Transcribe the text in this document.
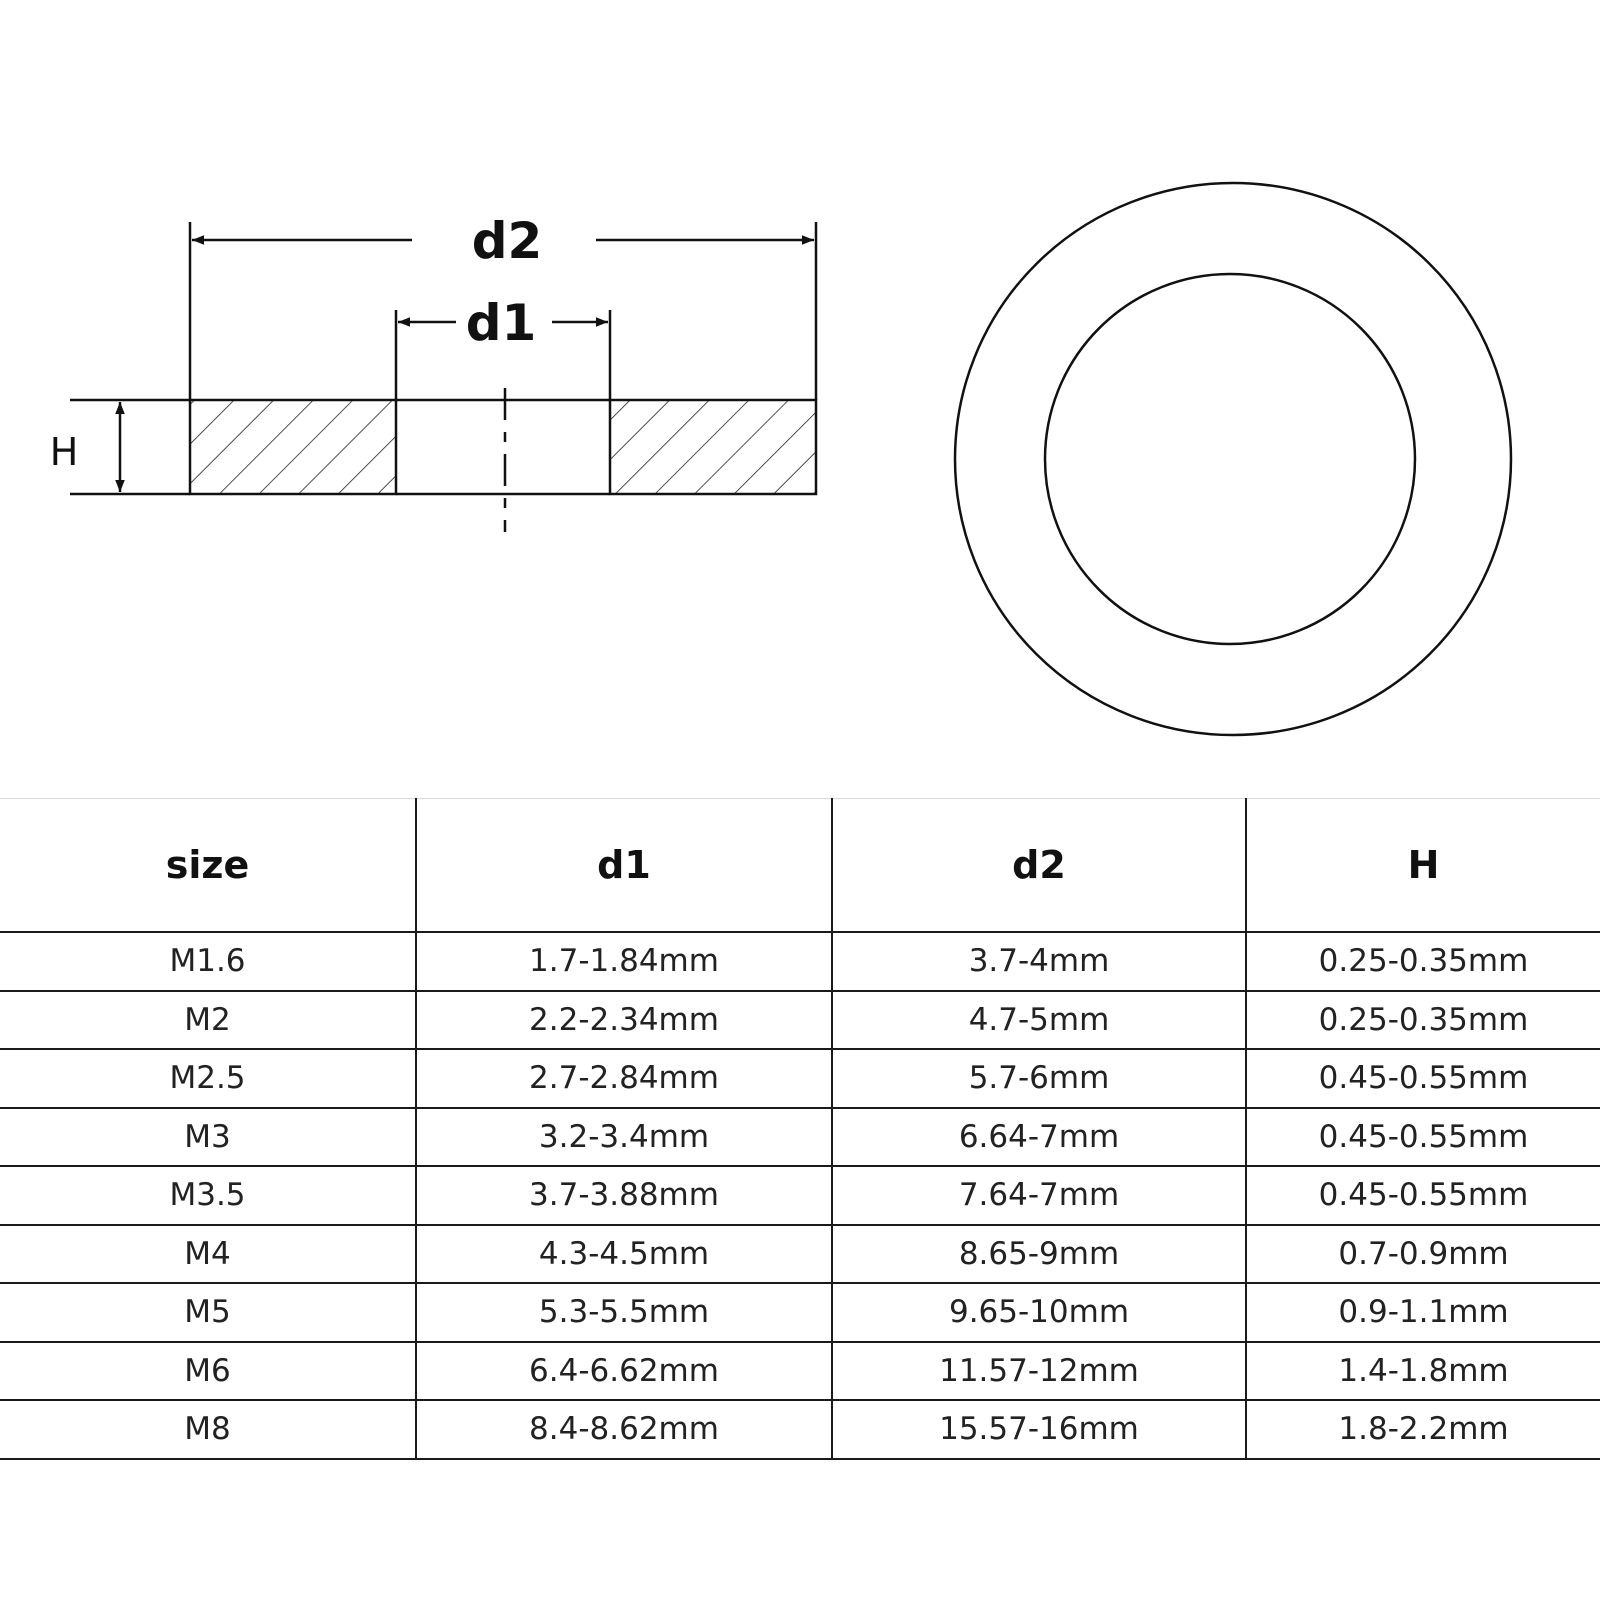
d2
d1
H
size	d1	d2	H
M1.6	1.7-1.84mm	3.7-4mm	0.25-0.35mm
M2	2.2-2.34mm	4.7-5mm	0.25-0.35mm
M2.5	2.7-2.84mm	5.7-6mm	0.45-0.55mm
M3	3.2-3.4mm	6.64-7mm	0.45-0.55mm
M3.5	3.7-3.88mm	7.64-7mm	0.45-0.55mm
M4	4.3-4.5mm	8.65-9mm	0.7-0.9mm
M5	5.3-5.5mm	9.65-10mm	0.9-1.1mm
M6	6.4-6.62mm	11.57-12mm	1.4-1.8mm
M8	8.4-8.62mm	15.57-16mm	1.8-2.2mm
